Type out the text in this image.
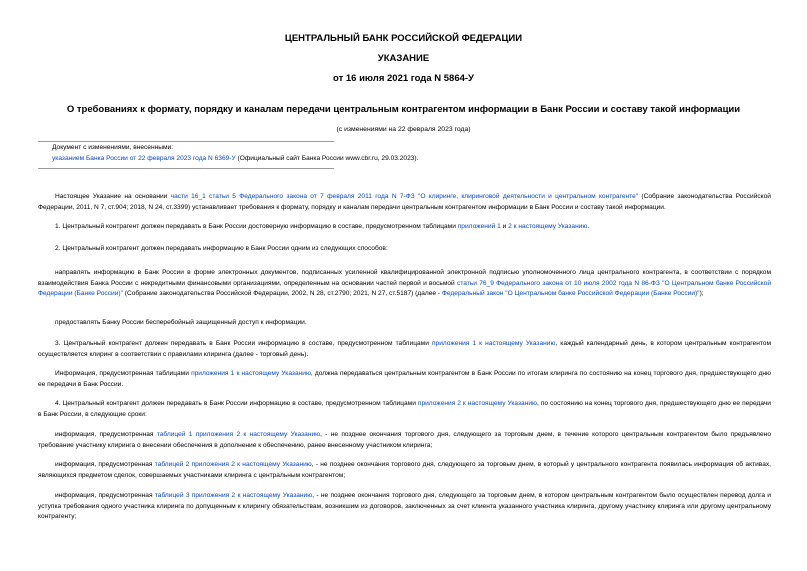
ЦЕНТРАЛЬНЫЙ БАНК РОССИЙСКОЙ ФЕДЕРАЦИИ
УКАЗАНИЕ
от 16 июля 2021 года N 5864-У
О требованиях к формату, порядку и каналам передачи центральным контрагентом информации в Банк России и составу такой информации
(с изменениями на 22 февраля 2023 года)
Документ с изменениями, внесенными:
указанием Банка России от 22 февраля 2023 года N 6369-У (Официальный сайт Банка России www.cbr.ru, 29.03.2023).
Настоящее Указание на основании части 16_1 статьи 5 Федерального закона от 7 февраля 2011 года N 7-ФЗ "О клиринге, клиринговой деятельности и центральном контрагенте" (Собрание законодательства Российской Федерации, 2011, N 7, ст.904; 2018, N 24, ст.3399) устанавливает требования к формату, порядку и каналам передачи центральным контрагентом информации в Банк России и составу такой информации.
1. Центральный контрагент должен передавать в Банк России достоверную информацию в составе, предусмотренном таблицами приложений 1 и 2 к настоящему Указанию.
2. Центральный контрагент должен передавать информацию в Банк России одним из следующих способов:
направлять информацию в Банк России в форме электронных документов, подписанных усиленной квалифицированной электронной подписью уполномоченного лица центрального контрагента, в соответствии с порядком взаимодействия Банка России с некредитными финансовыми организациями, определенным на основании частей первой и восьмой статьи 76_9 Федерального закона от 10 июля 2002 года N 86-ФЗ "О Центральном банке Российской Федерации (Банке России)" (Собрание законодательства Российской Федерации, 2002, N 28, ст.2790; 2021, N 27, ст.5187) (далее - Федеральный закон "О Центральном банке Российской Федерации (Банке России)");
предоставлять Банку России бесперебойный защищенный доступ к информации.
3. Центральный контрагент должен передавать в Банк России информацию в составе, предусмотренном таблицами приложения 1 к настоящему Указанию, каждый календарный день, в котором центральным контрагентом осуществляется клиринг в соответствии с правилами клиринга (далее - торговый день).
Информация, предусмотренная таблицами приложения 1 к настоящему Указанию, должна передаваться центральным контрагентом в Банк России по итогам клиринга по состоянию на конец торгового дня, предшествующего дню ее передачи в Банк России.
4. Центральный контрагент должен передавать в Банк России информацию в составе, предусмотренном таблицами приложения 2 к настоящему Указанию, по состоянию на конец торгового дня, предшествующего дню ее передачи в Банк России, в следующие сроки:
информация, предусмотренная таблицей 1 приложения 2 к настоящему Указанию, - не позднее окончания торгового дня, следующего за торговым днем, в течение которого центральным контрагентом было предъявлено требование участнику клиринга о внесении обеспечения в дополнение к обеспечению, ранее внесенному участником клиринга;
информация, предусмотренная таблицей 2 приложения 2 к настоящему Указанию, - не позднее окончания торгового дня, следующего за торговым днем, в который у центрального контрагента появилась информация об активах, являющихся предметом сделок, совершаемых участниками клиринга с центральным контрагентом;
информация, предусмотренная таблицей 3 приложения 2 к настоящему Указанию, - не позднее окончания торгового дня, следующего за торговым днем, в котором центральным контрагентом было осуществлен перевод долга и уступка требования одного участника клиринга по допущенным к клирингу обязательствам, возникшим из договоров, заключенных за счет клиента указанного участника клиринга, другому участнику клиринга или другому центральному контрагенту;
